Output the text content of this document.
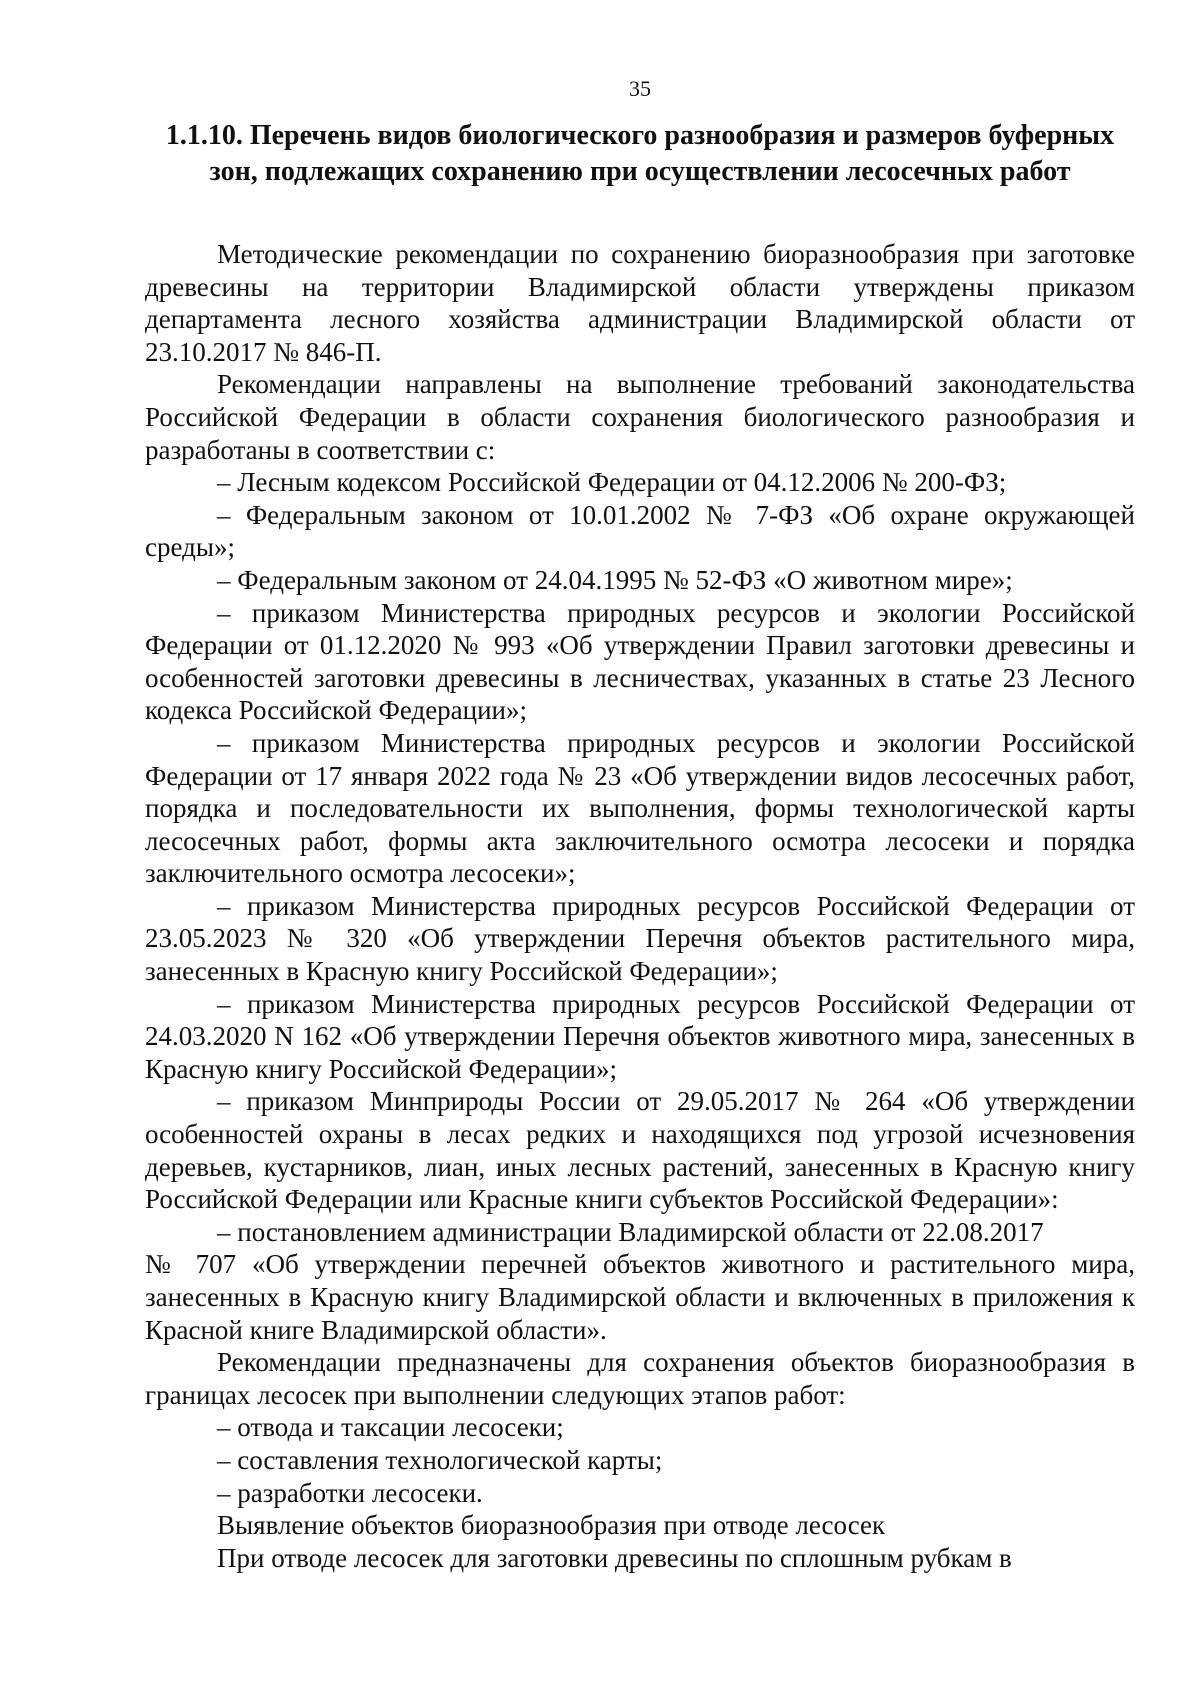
35
1.1.10. Перечень видов биологического разнообразия и размеров буферных
зон, подлежащих сохранению при осуществлении лесосечных работ

Методические рекомендации по сохранению биоразнообразия при заготовке древесины на территории Владимирской области утверждены приказом департамента лесного хозяйства администрации Владимирской области от 23.10.2017 № 846-П.

Рекомендации направлены на выполнение требований законодательства Российской Федерации в области сохранения биологического разнообразия и разработаны в соответствии с:

– Лесным кодексом Российской Федерации от 04.12.2006 № 200-ФЗ;

– Федеральным законом от 10.01.2002 № 7-ФЗ «Об охране окружающей среды»;

– Федеральным законом от 24.04.1995 № 52-ФЗ «О животном мире»;

– приказом Министерства природных ресурсов и экологии Российской Федерации от 01.12.2020 № 993 «Об утверждении Правил заготовки древесины и особенностей заготовки древесины в лесничествах, указанных в статье 23 Лесного кодекса Российской Федерации»;

– приказом Министерства природных ресурсов и экологии Российской Федерации от 17 января 2022 года № 23 «Об утверждении видов лесосечных работ, порядка и последовательности их выполнения, формы технологической карты лесосечных работ, формы акта заключительного осмотра лесосеки и порядка заключительного осмотра лесосеки»;

– приказом Министерства природных ресурсов Российской Федерации от 23.05.2023 № 320 «Об утверждении Перечня объектов растительного мира, занесенных в Красную книгу Российской Федерации»;

– приказом Министерства природных ресурсов Российской Федерации от 24.03.2020 N 162 «Об утверждении Перечня объектов животного мира, занесенных в Красную книгу Российской Федерации»;

– приказом Минприроды России от 29.05.2017 № 264 «Об утверждении особенностей охраны в лесах редких и находящихся под угрозой исчезновения деревьев, кустарников, лиан, иных лесных растений, занесенных в Красную книгу Российской Федерации или Красные книги субъектов Российской Федерации»:

– постановлением администрации Владимирской области от 22.08.2017

№ 707 «Об утверждении перечней объектов животного и растительного мира, занесенных в Красную книгу Владимирской области и включенных в приложения к Красной книге Владимирской области».

Рекомендации предназначены для сохранения объектов биоразнообразия в границах лесосек при выполнении следующих этапов работ:

– отвода и таксации лесосеки;

– составления технологической карты;

– разработки лесосеки.

Выявление объектов биоразнообразия при отводе лесосек

При отводе лесосек для заготовки древесины по сплошным рубкам в
